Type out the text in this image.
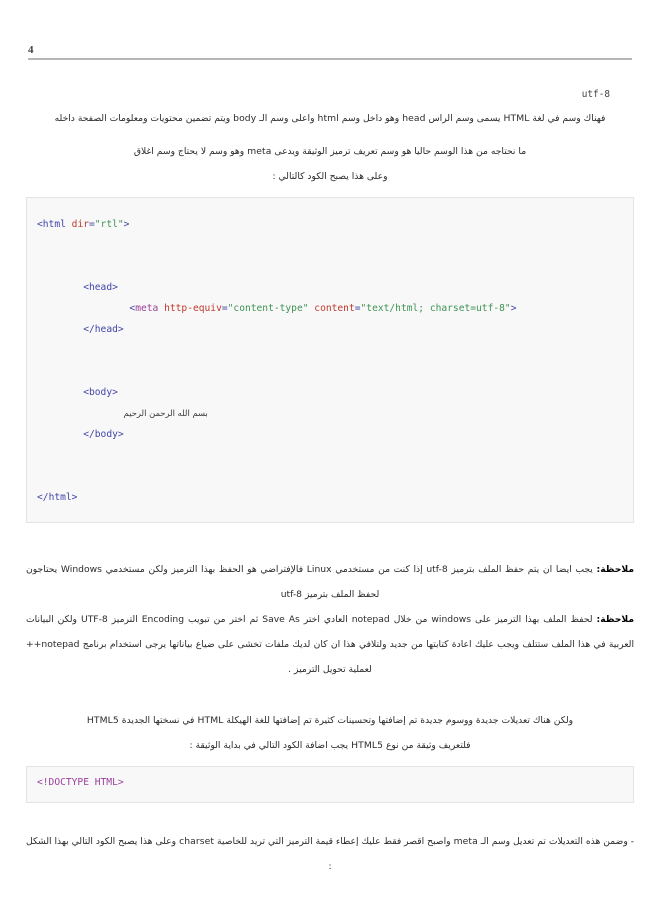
4
utf-8
فهناك وسم في لغة HTML يسمى وسم الراس head وهو داخل وسم html واعلى وسم الـ body ويتم تضمين محتويات ومعلومات الصفحة داخله
ما نحتاجه من هذا الوسم حاليا هو وسم تعريف ترميز الوثيقة ويدعى meta وهو وسم لا يحتاج وسم اغلاق
وعلى هذا يصبح الكود كالتالي :
<html dir="rtl">

<head>
<meta http-equiv="content-type" content="text/html; charset=utf-8">
</head>

<body>
بسم الله الرحمن الرحيم
</body>

</html>
ملاحظة: يجب ايضا ان يتم حفظ الملف بترميز utf-8 إذا كنت من مستخدمي Linux فالإفتراضي هو الحفظ بهذا الترميز ولكن مستخدمي Windows يحتاجون لحفظ الملف بترميز utf-8
ملاحظة: لحفظ الملف بهذا الترميز على windows من خلال notepad العادي اختر Save As ثم اختر من تبويب Encoding الترميز UTF-8 ولكن البيانات العربية في هذا الملف ستتلف ويجب عليك اعادة كتابتها من جديد ولتلافي هذا ان كان لديك ملفات تخشى على ضياع بياناتها يرجى استخدام برنامج notepad++ لعملية تحويل الترميز .
ولكن هناك تعديلات جديدة ووسوم جديدة تم إضافتها وتحسينات كثيرة تم إضافتها للغة الهيكلة HTML في نسختها الجديدة HTML5
فلتعريف وثيقة من نوع HTML5 يجب اضافة الكود التالي في بداية الوثيقة :
<!DOCTYPE HTML>
- وضمن هذه التعديلات تم تعديل وسم الـ meta واصبح اقصر فقط عليك إعطاء قيمة الترميز التي تريد للخاصية charset وعلى هذا يصبح الكود التالي بهذا الشكل :
